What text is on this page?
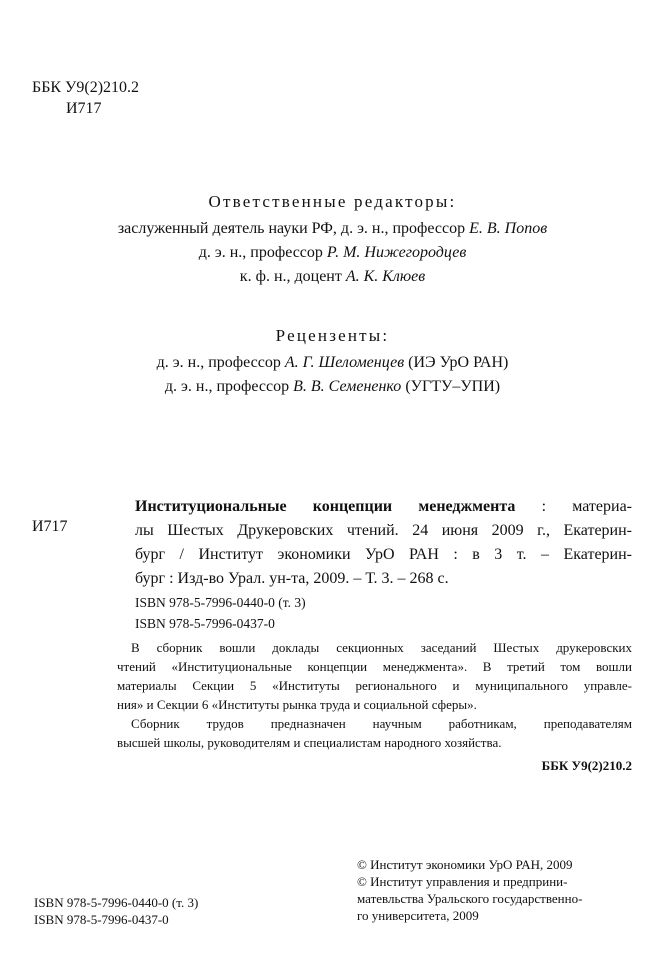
ББК У9(2)210.2
И717
Ответственные редакторы:
заслуженный деятель науки РФ, д. э. н., профессор Е. В. Попов
д. э. н., профессор Р. М. Нижегородцев
к. ф. н., доцент А. К. Клюев
Рецензенты:
д. э. н., профессор А. Г. Шеломенцев (ИЭ УрО РАН)
д. э. н., профессор В. В. Семененко (УГТУ–УПИ)
И717
Институциональные концепции менеджмента : материа-
лы Шестых Друкеровских чтений. 24 июня 2009 г., Екатерин-
бург / Институт экономики УрО РАН : в 3 т. – Екатерин-
бург : Изд-во Урал. ун-та, 2009. – Т. 3. – 268 с.
ISBN 978-5-7996-0440-0 (т. 3)
ISBN 978-5-7996-0437-0
В сборник вошли доклады секционных заседаний Шестых друкеровских
чтений «Институциональные концепции менеджмента». В третий том вошли
материалы Секции 5 «Институты регионального и муниципального управле-
ния» и Секции 6 «Институты рынка труда и социальной сферы».
Сборник трудов предназначен научным работникам, преподавателям
высшей школы, руководителям и специалистам народного хозяйства.
ББК У9(2)210.2
© Институт экономики УрО РАН, 2009
© Институт управления и предприни-
матевльства Уральского государственно-
го университета, 2009
ISBN 978-5-7996-0440-0 (т. 3)
ISBN 978-5-7996-0437-0
